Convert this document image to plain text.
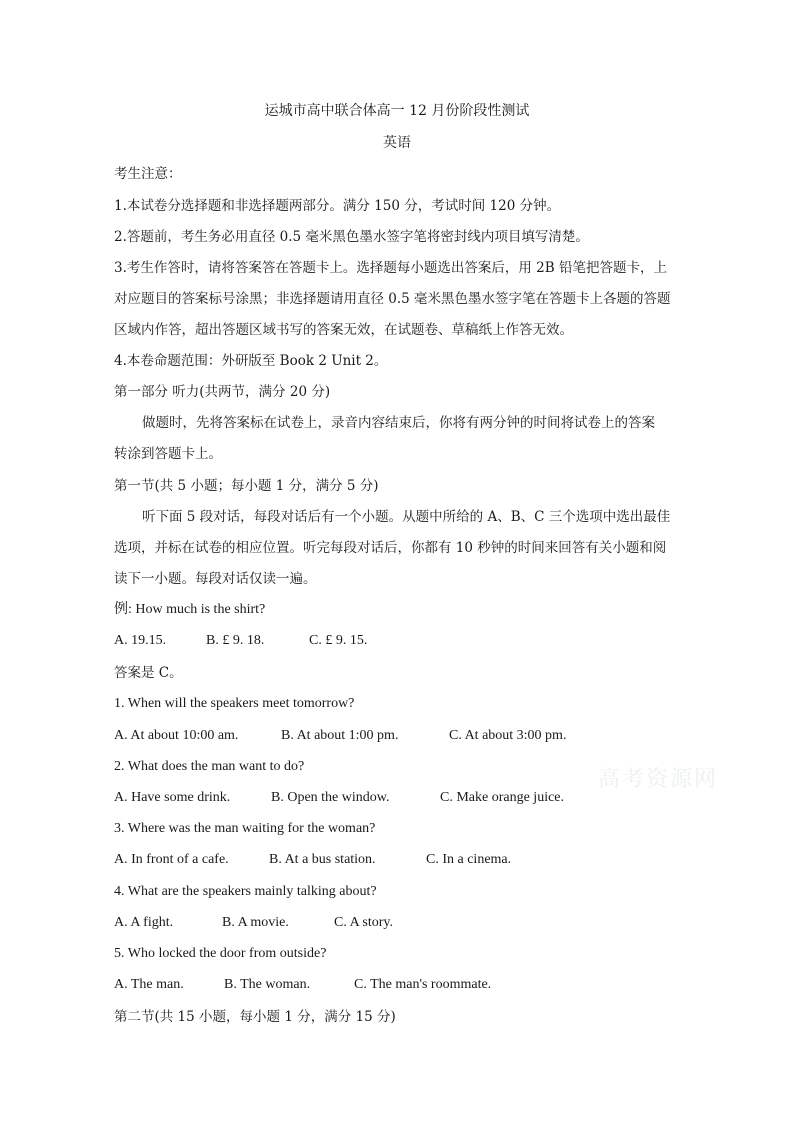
运城市高中联合体高一 12 月份阶段性测试
英语
考生注意：
1.本试卷分选择题和非选择题两部分。满分 150 分，考试时间 120 分钟。
2.答题前，考生务必用直径 0.5 毫米黑色墨水签字笔将密封线内项目填写清楚。
3.考生作答时，请将答案答在答题卡上。选择题每小题选出答案后，用 2B 铅笔把答题卡，上
对应题目的答案标号涂黑；非选择题请用直径 0.5 毫米黑色墨水签字笔在答题卡上各题的答题
区域内作答，超出答题区域书写的答案无效，在试题卷、草稿纸上作答无效。
4.本卷命题范围：外研版至 Book 2 Unit 2。
第一部分 听力(共两节，满分 20 分)
做题时，先将答案标在试卷上，录音内容结束后，你将有两分钟的时间将试卷上的答案
转涂到答题卡上。
第一节(共 5 小题；每小题 1 分，满分 5 分)
听下面 5 段对话，每段对话后有一个小题。从题中所给的 A、B、C 三个选项中选出最佳
选项，并标在试卷的相应位置。听完每段对话后，你都有 10 秒钟的时间来回答有关小题和阅
读下一小题。每段对话仅读一遍。
例: How much is the shirt?
A. 19.15.	B. £ 9. 18.	C. £ 9. 15.
答案是 C。
1. When will the speakers meet tomorrow?
A. At about 10:00 am.	B. At about 1:00 pm.	C. At about 3:00 pm.
2. What does the man want to do?
A. Have some drink.	B. Open the window.	C. Make orange juice.
3. Where was the man waiting for the woman?
A. In front of a cafe.	B. At a bus station.	C. In a cinema.
4. What are the speakers mainly talking about?
A. A fight.	B. A movie.	C. A story.
5. Who locked the door from outside?
A. The man.	B. The woman.	C. The man's roommate.
第二节(共 15 小题，每小题 1 分，满分 15 分)
高考资源网
